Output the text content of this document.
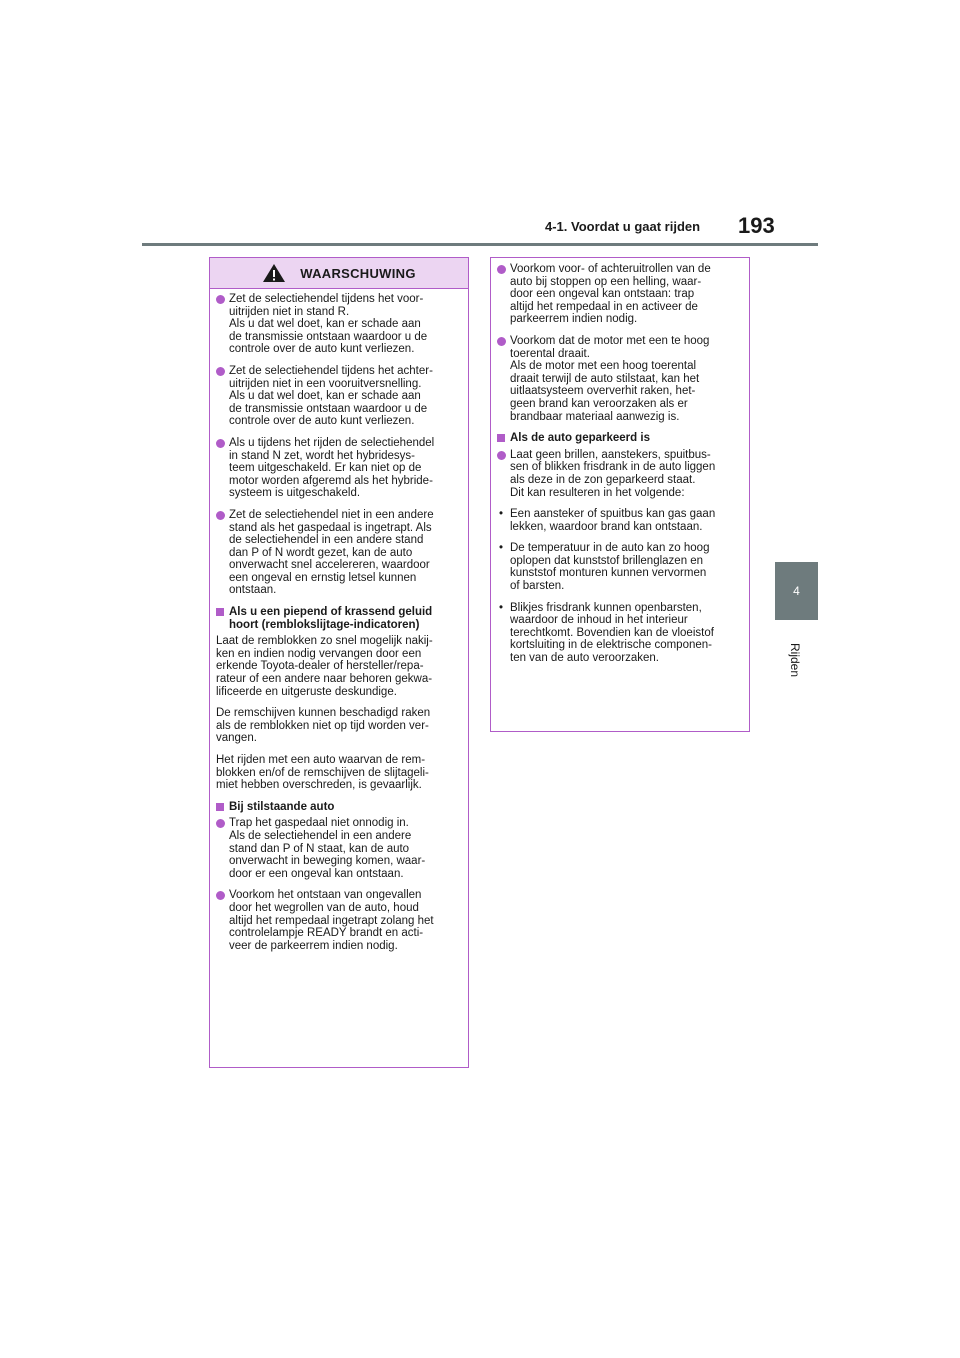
4-1. Voordat u gaat rijden 193
4
Rijden
WAARSCHUWING
Zet de selectiehendel tijdens het voor-
uitrijden niet in stand R.
Als u dat wel doet, kan er schade aan
de transmissie ontstaan waardoor u de
controle over de auto kunt verliezen.
Zet de selectiehendel tijdens het achter-
uitrijden niet in een vooruitversnelling.
Als u dat wel doet, kan er schade aan
de transmissie ontstaan waardoor u de
controle over de auto kunt verliezen.
Als u tijdens het rijden de selectiehendel
in stand N zet, wordt het hybridesys-
teem uitgeschakeld. Er kan niet op de
motor worden afgeremd als het hybride-
systeem is uitgeschakeld.
Zet de selectiehendel niet in een andere
stand als het gaspedaal is ingetrapt. Als
de selectiehendel in een andere stand
dan P of N wordt gezet, kan de auto
onverwacht snel accelereren, waardoor
een ongeval en ernstig letsel kunnen
ontstaan.
Als u een piepend of krassend geluid
hoort (remblokslijtage-indicatoren)
Laat de remblokken zo snel mogelijk nakij-
ken en indien nodig vervangen door een
erkende Toyota-dealer of hersteller/repa-
rateur of een andere naar behoren gekwa-
lificeerde en uitgeruste deskundige.
De remschijven kunnen beschadigd raken
als de remblokken niet op tijd worden ver-
vangen.
Het rijden met een auto waarvan de rem-
blokken en/of de remschijven de slijtageli-
miet hebben overschreden, is gevaarlijk.
Bij stilstaande auto
Trap het gaspedaal niet onnodig in.
Als de selectiehendel in een andere
stand dan P of N staat, kan de auto
onverwacht in beweging komen, waar-
door er een ongeval kan ontstaan.
Voorkom het ontstaan van ongevallen
door het wegrollen van de auto, houd
altijd het rempedaal ingetrapt zolang het
controlelampje READY brandt en acti-
veer de parkeerrem indien nodig.
Voorkom voor- of achteruitrollen van de
auto bij stoppen op een helling, waar-
door een ongeval kan ontstaan: trap
altijd het rempedaal in en activeer de
parkeerrem indien nodig.
Voorkom dat de motor met een te hoog
toerental draait.
Als de motor met een hoog toerental
draait terwijl de auto stilstaat, kan het
uitlaatsysteem oververhit raken, het-
geen brand kan veroorzaken als er
brandbaar materiaal aanwezig is.
Als de auto geparkeerd is
Laat geen brillen, aanstekers, spuitbus-
sen of blikken frisdrank in de auto liggen
als deze in de zon geparkeerd staat.
Dit kan resulteren in het volgende:
• Een aansteker of spuitbus kan gas gaan
lekken, waardoor brand kan ontstaan.
• De temperatuur in de auto kan zo hoog
oplopen dat kunststof brillenglazen en
kunststof monturen kunnen vervormen
of barsten.
• Blikjes frisdrank kunnen openbarsten,
waardoor de inhoud in het interieur
terechtkomt. Bovendien kan de vloeistof
kortsluiting in de elektrische componen-
ten van de auto veroorzaken.
